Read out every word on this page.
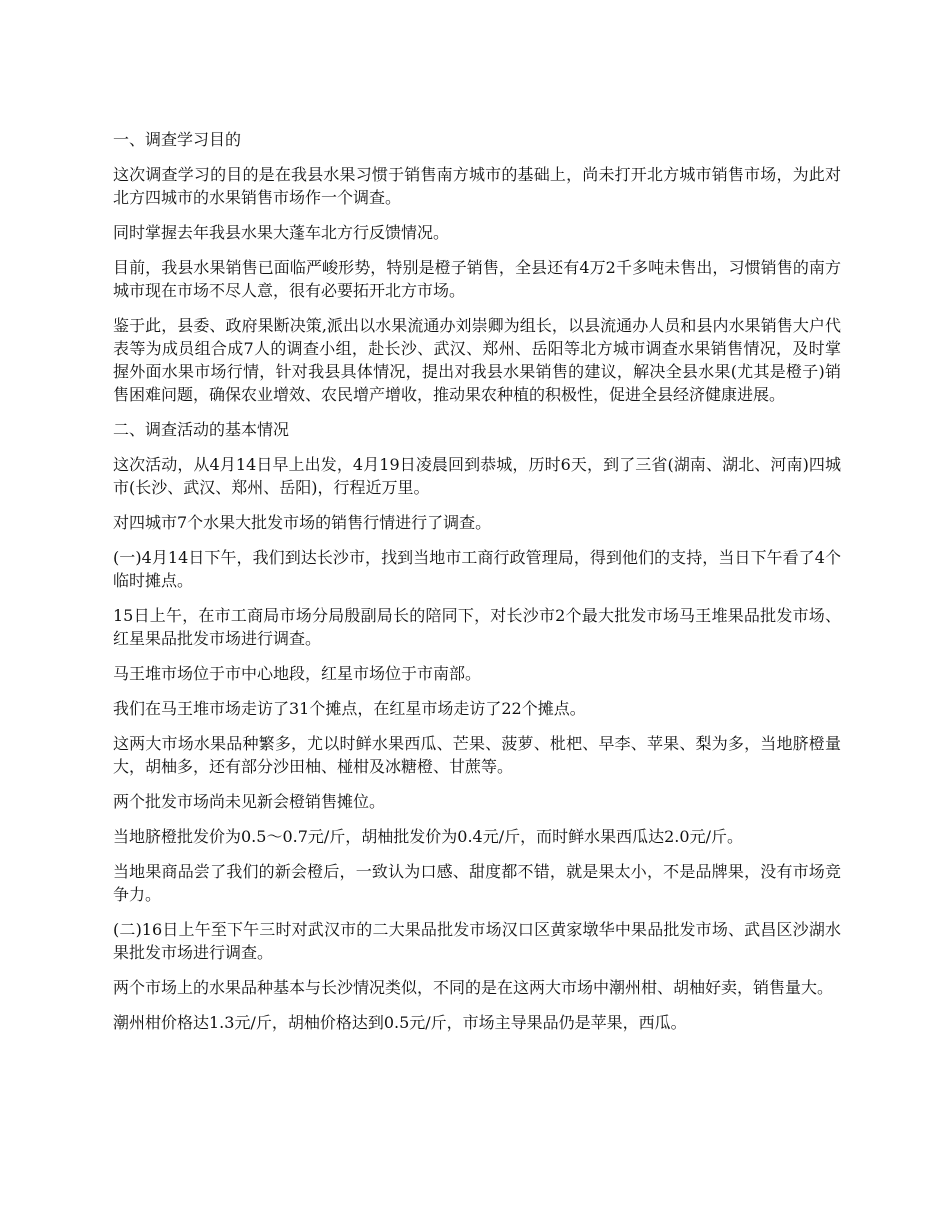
一、调查学习目的

这次调查学习的目的是在我县水果习惯于销售南方城市的基础上，尚未打开北方城市销售市场，为此对北方四城市的水果销售市场作一个调查。

同时掌握去年我县水果大蓬车北方行反馈情况。

目前，我县水果销售已面临严峻形势，特别是橙子销售，全县还有4万2千多吨未售出，习惯销售的南方城市现在市场不尽人意，很有必要拓开北方市场。

鉴于此，县委、政府果断决策,派出以水果流通办刘崇卿为组长，以县流通办人员和县内水果销售大户代表等为成员组合成7人的调查小组，赴长沙、武汉、郑州、岳阳等北方城市调查水果销售情况，及时掌握外面水果市场行情，针对我县具体情况，提出对我县水果销售的建议，解决全县水果(尤其是橙子)销售困难问题，确保农业增效、农民增产增收，推动果农种植的积极性，促进全县经济健康进展。

二、调查活动的基本情况

这次活动，从4月14日早上出发，4月19日凌晨回到恭城，历时6天，到了三省(湖南、湖北、河南)四城市(长沙、武汉、郑州、岳阳)，行程近万里。

对四城市7个水果大批发市场的销售行情进行了调查。

(一)4月14日下午，我们到达长沙市，找到当地市工商行政管理局，得到他们的支持，当日下午看了4个临时摊点。

15日上午，在市工商局市场分局殷副局长的陪同下，对长沙市2个最大批发市场马王堆果品批发市场、红星果品批发市场进行调查。

马王堆市场位于市中心地段，红星市场位于市南部。

我们在马王堆市场走访了31个摊点，在红星市场走访了22个摊点。

这两大市场水果品种繁多，尤以时鲜水果西瓜、芒果、菠萝、枇杷、早李、苹果、梨为多，当地脐橙量大，胡柚多，还有部分沙田柚、椪柑及冰糖橙、甘蔗等。

两个批发市场尚未见新会橙销售摊位。

当地脐橙批发价为0.5～0.7元/斤，胡柚批发价为0.4元/斤，而时鲜水果西瓜达2.0元/斤。

当地果商品尝了我们的新会橙后，一致认为口感、甜度都不错，就是果太小，不是品牌果，没有市场竞争力。

(二)16日上午至下午三时对武汉市的二大果品批发市场汉口区黄家墩华中果品批发市场、武昌区沙湖水果批发市场进行调查。

两个市场上的水果品种基本与长沙情况类似，不同的是在这两大市场中潮州柑、胡柚好卖，销售量大。

潮州柑价格达1.3元/斤，胡柚价格达到0.5元/斤，市场主导果品仍是苹果，西瓜。
